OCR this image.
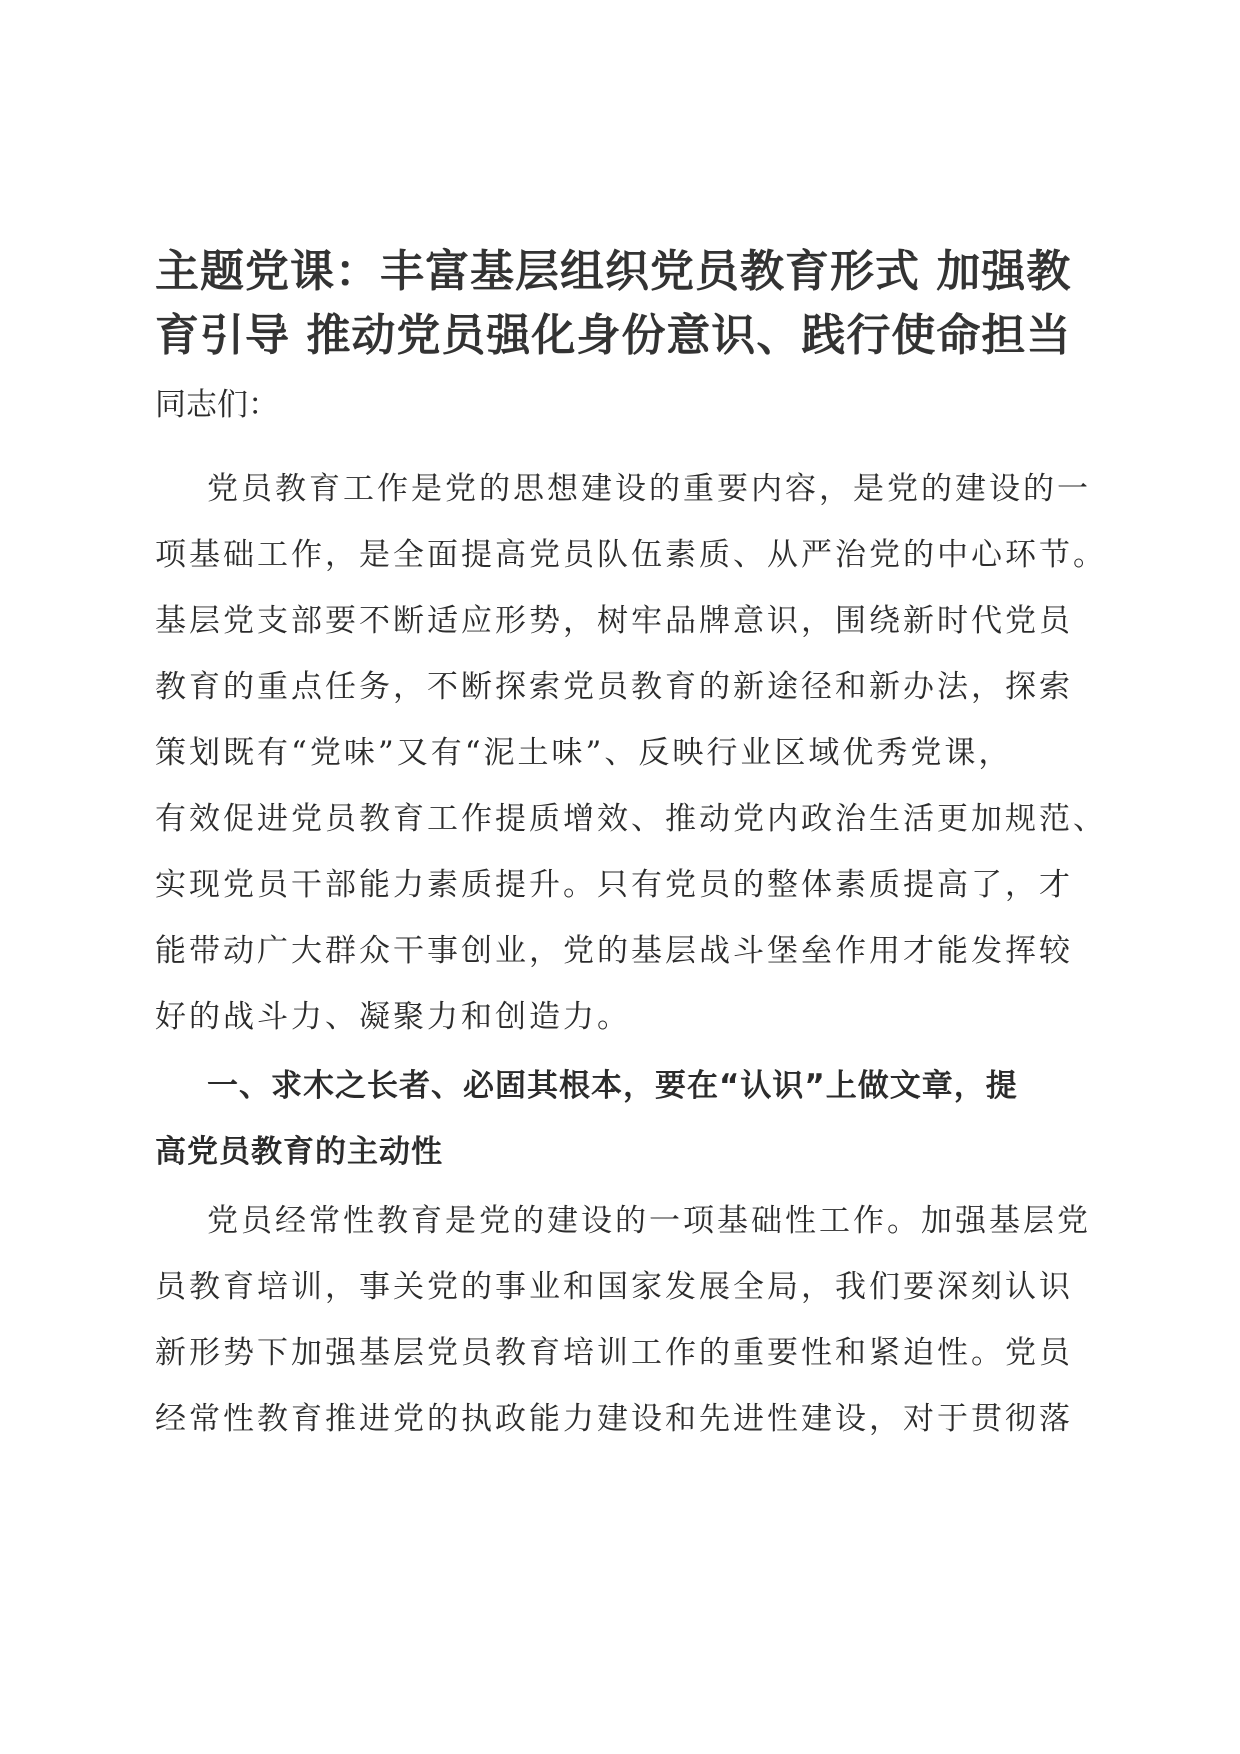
主题党课：丰富基层组织党员教育形式 加强教
育引导 推动党员强化身份意识、践行使命担当

同志们：

党员教育工作是党的思想建设的重要内容，是党的建设的一
项基础工作，是全面提高党员队伍素质、从严治党的中心环节。
基层党支部要不断适应形势，树牢品牌意识，围绕新时代党员
教育的重点任务，不断探索党员教育的新途径和新办法，探索
策划既有“党味”又有“泥土味”、反映行业区域优秀党课，
有效促进党员教育工作提质增效、推动党内政治生活更加规范、
实现党员干部能力素质提升。只有党员的整体素质提高了，才
能带动广大群众干事创业，党的基层战斗堡垒作用才能发挥较
好的战斗力、凝聚力和创造力。
一、求木之长者、必固其根本，要在“认识”上做文章，提
高党员教育的主动性
党员经常性教育是党的建设的一项基础性工作。加强基层党
员教育培训，事关党的事业和国家发展全局，我们要深刻认识
新形势下加强基层党员教育培训工作的重要性和紧迫性。党员
经常性教育推进党的执政能力建设和先进性建设，对于贯彻落
